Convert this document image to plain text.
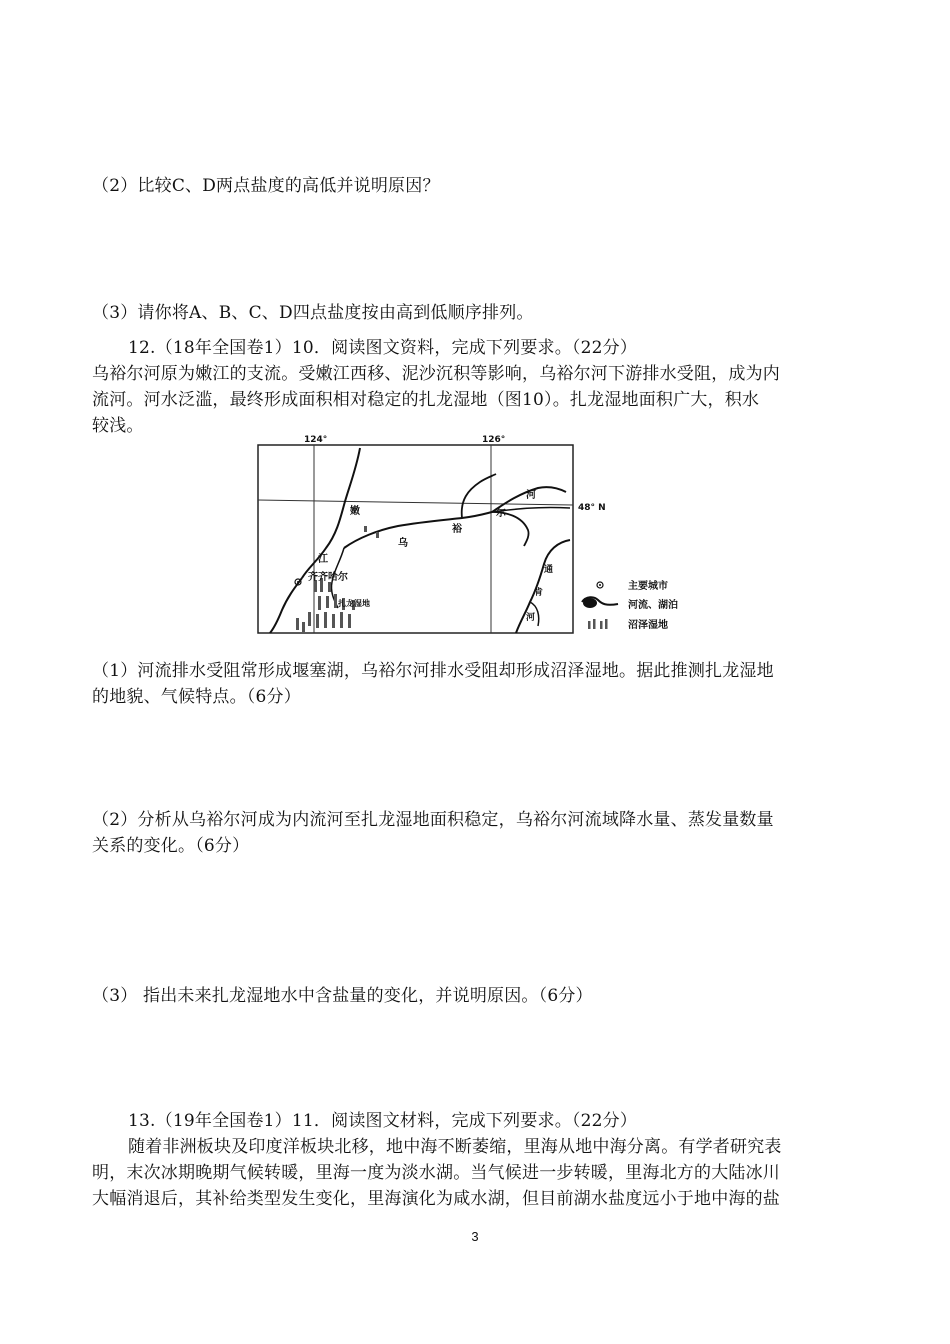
（2）比较C、D两点盐度的高低并说明原因？
（3）请你将A、B、C、D四点盐度按由高到低顺序排列。
12.（18年全国卷1）10．阅读图文资料，完成下列要求。（22分）
乌裕尔河原为嫩江的支流。受嫩江西移、泥沙沉积等影响，乌裕尔河下游排水受阻，成为内
流河。河水泛滥，最终形成面积相对稳定的扎龙湿地（图10）。扎龙湿地面积广大，积水
较浅。
124°	126°
48° N
嫩
江
乌
裕
尔
河
通
肯
河
齐齐哈尔
扎龙湿地
主要城市
河流、湖泊
沼泽湿地
（1）河流排水受阻常形成堰塞湖，乌裕尔河排水受阻却形成沼泽湿地。据此推测扎龙湿地
的地貌、气候特点。（6分）
（2）分析从乌裕尔河成为内流河至扎龙湿地面积稳定，乌裕尔河流域降水量、蒸发量数量
关系的变化。（6分）
（3） 指出未来扎龙湿地水中含盐量的变化，并说明原因。（6分）
13.（19年全国卷1）11．阅读图文材料，完成下列要求。（22分）
随着非洲板块及印度洋板块北移，地中海不断萎缩，里海从地中海分离。有学者研究表
明，末次冰期晚期气候转暖，里海一度为淡水湖。当气候进一步转暖，里海北方的大陆冰川
大幅消退后，其补给类型发生变化，里海演化为咸水湖，但目前湖水盐度远小于地中海的盐
3
